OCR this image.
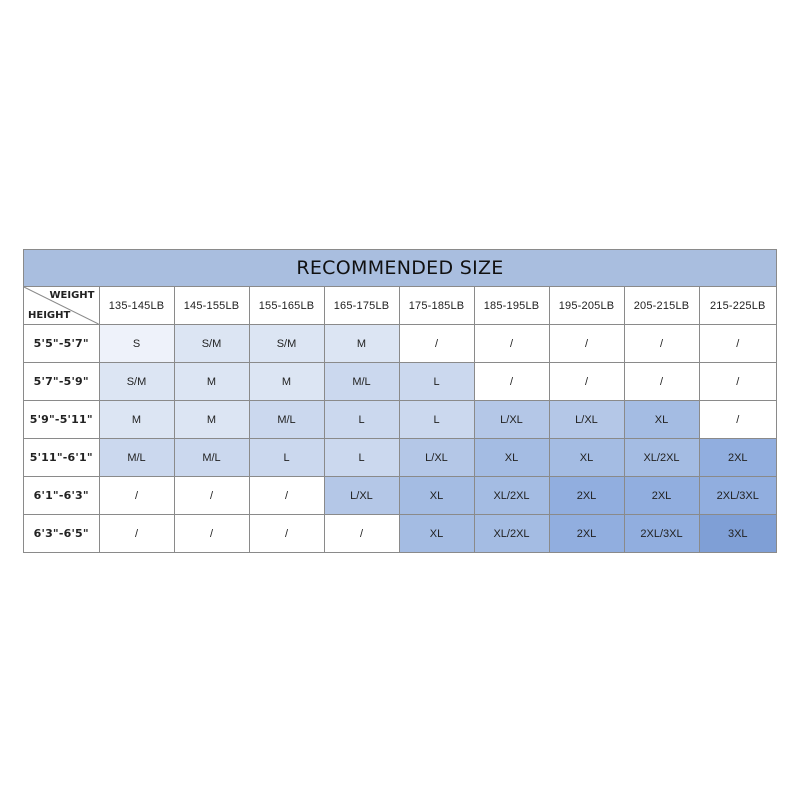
RECOMMENDED SIZE
WEIGHT
HEIGHT	135-145LB	145-155LB	155-165LB	165-175LB	175-185LB	185-195LB	195-205LB	205-215LB	215-225LB
5'5"-5'7"	S	S/M	S/M	M	/	/	/	/	/
5'7"-5'9"	S/M	M	M	M/L	L	/	/	/	/
5'9"-5'11"	M	M	M/L	L	L	L/XL	L/XL	XL	/
5'11"-6'1"	M/L	M/L	L	L	L/XL	XL	XL	XL/2XL	2XL
6'1"-6'3"	/	/	/	L/XL	XL	XL/2XL	2XL	2XL	2XL/3XL
6'3"-6'5"	/	/	/	/	XL	XL/2XL	2XL	2XL/3XL	3XL
